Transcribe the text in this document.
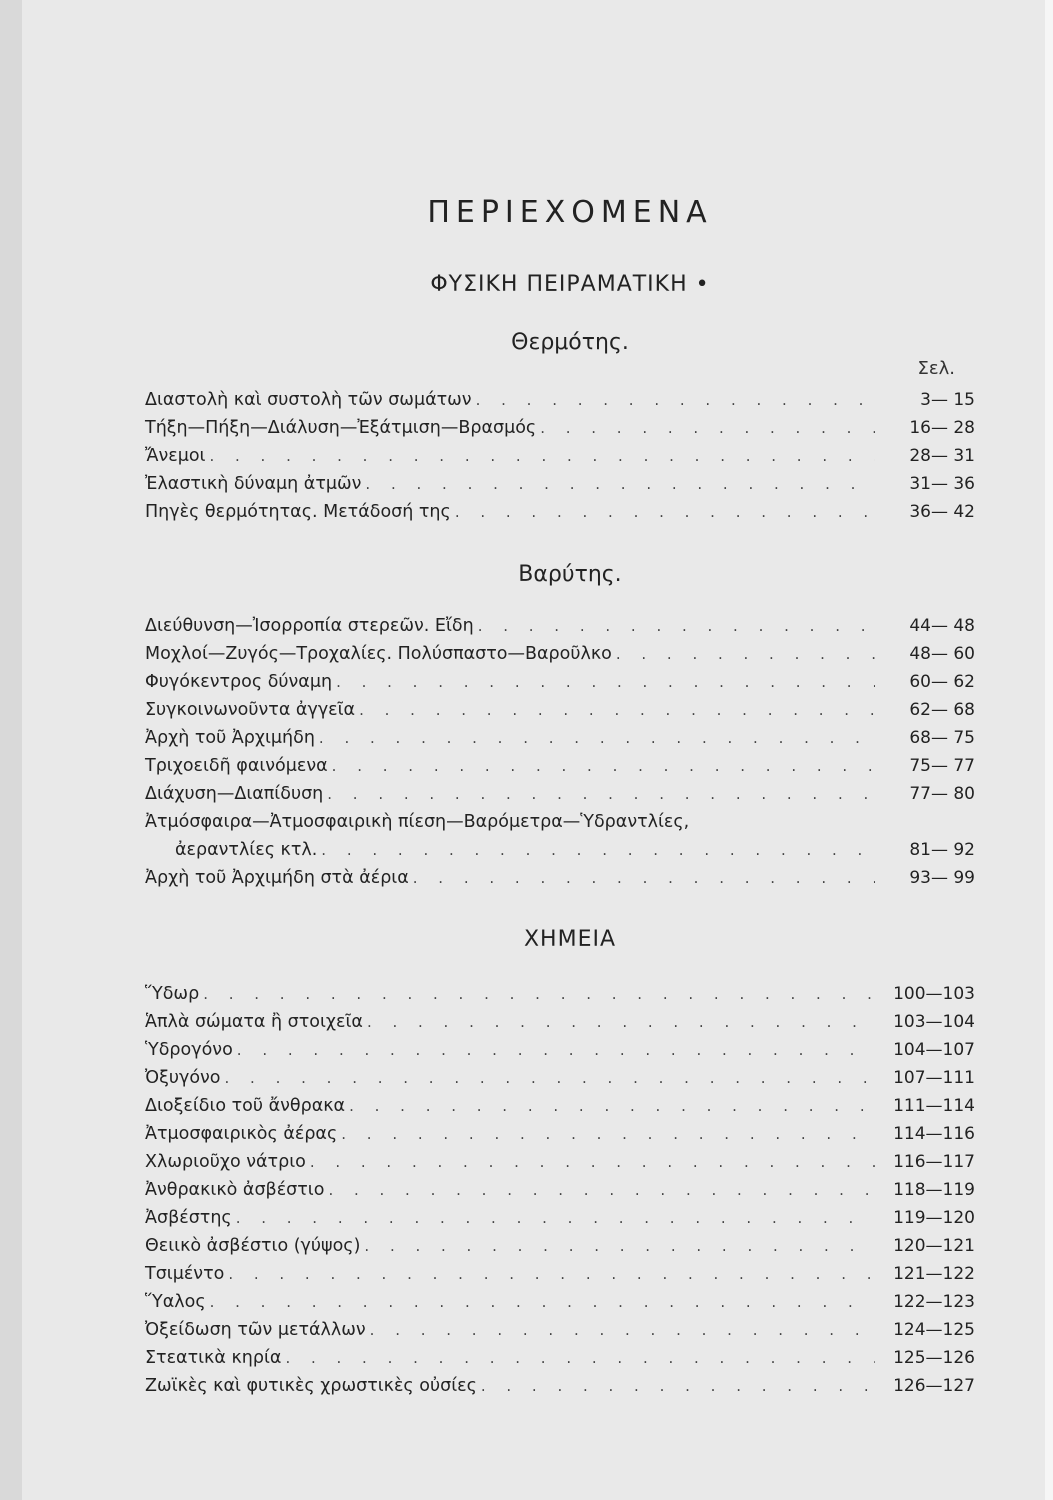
ΠΕΡΙΕΧΟΜΕΝΑ
ΦΥΣΙΚΗ ΠΕΙΡΑΜΑΤΙΚΗ •
Θερμότης.
Σελ.
Διαστολὴ καὶ συστολὴ τῶν σωμάτων . . .	3— 15
Τήξη—Πήξη—Διάλυση—Ἐξάτμιση—Βρασμός . . .	16— 28
Ἄνεμοι . . .	28— 31
Ἐλαστικὴ δύναμη ἀτμῶν . . .	31— 36
Πηγὲς θερμότητας. Μετάδοσή της . . .	36— 42
Βαρύτης.
Διεύθυνση—Ἰσορροπία στερεῶν. Εἴδη . . .	44— 48
Μοχλοί—Ζυγός—Τροχαλίες. Πολύσπαστο—Βαροῦλκο . . .	48— 60
Φυγόκεντρος δύναμη . . .	60— 62
Συγκοινωνοῦντα ἀγγεῖα . . .	62— 68
Ἀρχὴ τοῦ Ἀρχιμήδη . . .	68— 75
Τριχοειδῆ φαινόμενα . . .	75— 77
Διάχυση—Διαπίδυση . . .	77— 80
Ἀτμόσφαιρα—Ἀτμοσφαιρικὴ πίεση—Βαρόμετρα—Ὑδραντλίες,
ἀεραντλίες κτλ. . . .	81— 92
Ἀρχὴ τοῦ Ἀρχιμήδη στὰ ἀέρια . . .	93— 99
ΧΗΜΕΙΑ
Ὕδωρ . . .	100—103
Ἁπλὰ σώματα ἢ στοιχεῖα . . .	103—104
Ὑδρογόνο . . .	104—107
Ὀξυγόνο . . .	107—111
Διοξείδιο τοῦ ἄνθρακα . . .	111—114
Ἀτμοσφαιρικὸς ἀέρας . . .	114—116
Χλωριοῦχο νάτριο . . .	116—117
Ἀνθρακικὸ ἀσβέστιο . . .	118—119
Ἀσβέστης . . .	119—120
Θειικὸ ἀσβέστιο (γύψος) . . .	120—121
Τσιμέντο . . .	121—122
Ὕαλος . . .	122—123
Ὀξείδωση τῶν μετάλλων . . .	124—125
Στεατικὰ κηρία . . .	125—126
Ζωϊκὲς καὶ φυτικὲς χρωστικὲς οὐσίες . . .	126—127
